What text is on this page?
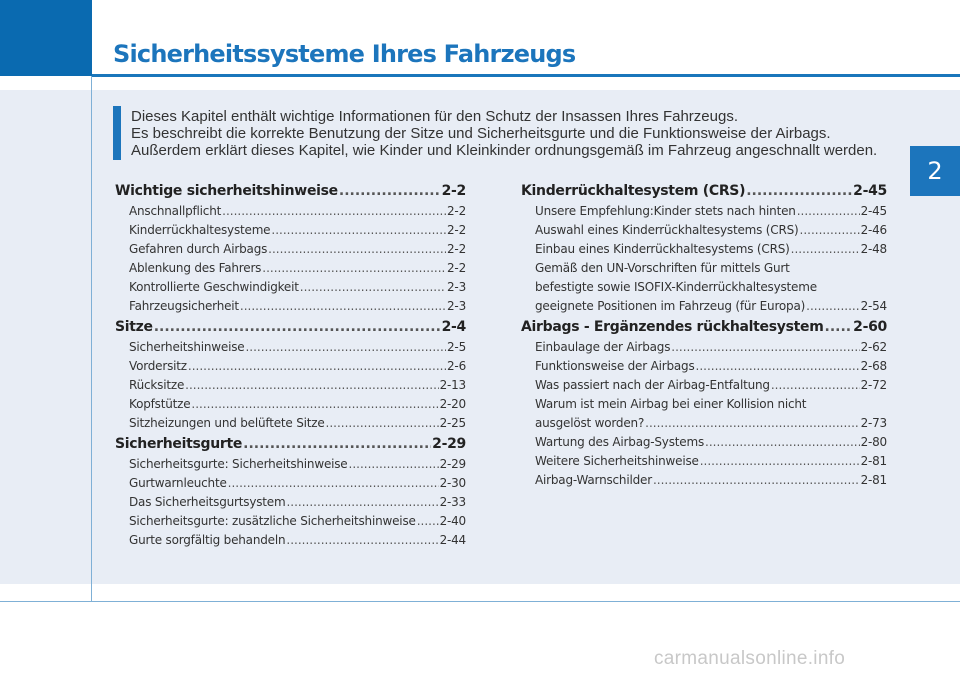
Sicherheitssysteme Ihres Fahrzeugs
2

Dieses Kapitel enthält wichtige Informationen für den Schutz der Insassen Ihres Fahrzeugs.

Es beschreibt die korrekte Benutzung der Sitze und Sicherheitsgurte und die Funktionsweise der Airbags.

Außerdem erklärt dieses Kapitel, wie Kinder und Kleinkinder ordnungsgemäß im Fahrzeug angeschnallt werden.

Wichtige sicherheitshinweise .....	2-2
Anschnallpflicht .....	2-2
Kinderrückhaltesysteme .....	2-2
Gefahren durch Airbags .....	2-2
Ablenkung des Fahrers .....	2-2
Kontrollierte Geschwindigkeit .....	2-3
Fahrzeugsicherheit .....	2-3
Sitze .....	2-4
Sicherheitshinweise .....	2-5
Vordersitz .....	2-6
Rücksitze .....	2-13
Kopfstütze .....	2-20
Sitzheizungen und belüftete Sitze .....	2-25
Sicherheitsgurte .....	2-29
Sicherheitsgurte: Sicherheitshinweise .....	2-29
Gurtwarnleuchte .....	2-30
Das Sicherheitsgurtsystem .....	2-33
Sicherheitsgurte: zusätzliche Sicherheitshinweise ..... 2-40
Gurte sorgfältig behandeln .....	2-44
Kinderrückhaltesystem (CRS) .....	2-45
Unsere Empfehlung:Kinder stets nach hinten .....	2-45
Auswahl eines Kinderrückhaltesystems (CRS) .....	2-46
Einbau eines Kinderrückhaltesystems (CRS) .....	2-48
Gemäß den UN-Vorschriften für mittels Gurt
befestigte sowie ISOFIX-Kinderrückhaltesysteme
geeignete Positionen im Fahrzeug (für Europa) .....	2-54
Airbags - Ergänzendes rückhaltesystem ..... 2-60
Einbaulage der Airbags .....	2-62
Funktionsweise der Airbags .....	2-68
Was passiert nach der Airbag-Entfaltung .....	2-72
Warum ist mein Airbag bei einer Kollision nicht
ausgelöst worden? .....	2-73
Wartung des Airbag-Systems .....	2-80
Weitere Sicherheitshinweise .....	2-81
Airbag-Warnschilder .....	2-81
carmanualsonline.info
